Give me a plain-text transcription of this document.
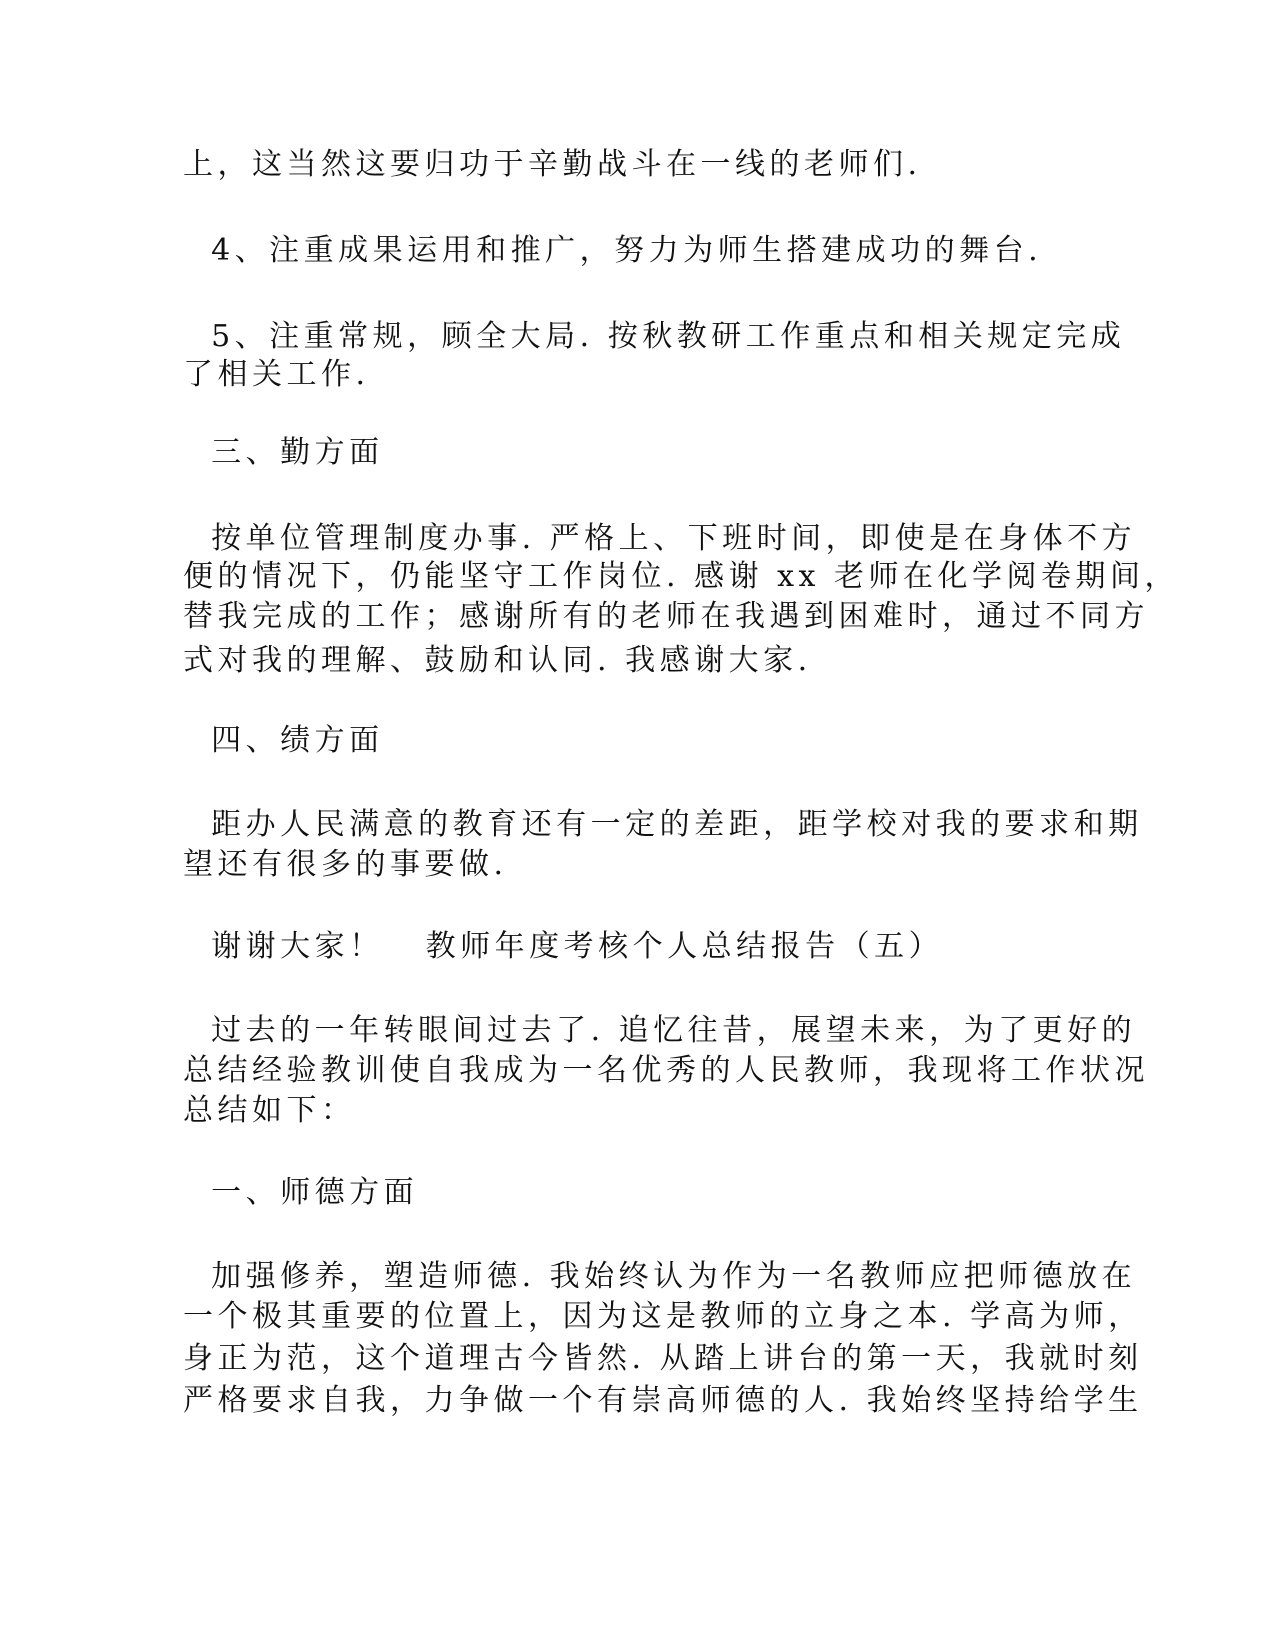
上，这当然这要归功于辛勤战斗在一线的老师们.
4、注重成果运用和推广，努力为师生搭建成功的舞台.
5、注重常规，顾全大局. 按秋教研工作重点和相关规定完成
了相关工作.
三、勤方面
按单位管理制度办事. 严格上、下班时间，即使是在身体不方
便的情况下，仍能坚守工作岗位. 感谢 xx 老师在化学阅卷期间，
替我完成的工作；感谢所有的老师在我遇到困难时，通过不同方
式对我的理解、鼓励和认同. 我感谢大家.
四、绩方面
距办人民满意的教育还有一定的差距，距学校对我的要求和期
望还有很多的事要做.
谢谢大家！   教师年度考核个人总结报告（五）
过去的一年转眼间过去了. 追忆往昔，展望未来，为了更好的
总结经验教训使自我成为一名优秀的人民教师，我现将工作状况
总结如下：
一、师德方面
加强修养，塑造师德. 我始终认为作为一名教师应把师德放在
一个极其重要的位置上，因为这是教师的立身之本. 学高为师，
身正为范，这个道理古今皆然. 从踏上讲台的第一天，我就时刻
严格要求自我，力争做一个有崇高师德的人. 我始终坚持给学生
